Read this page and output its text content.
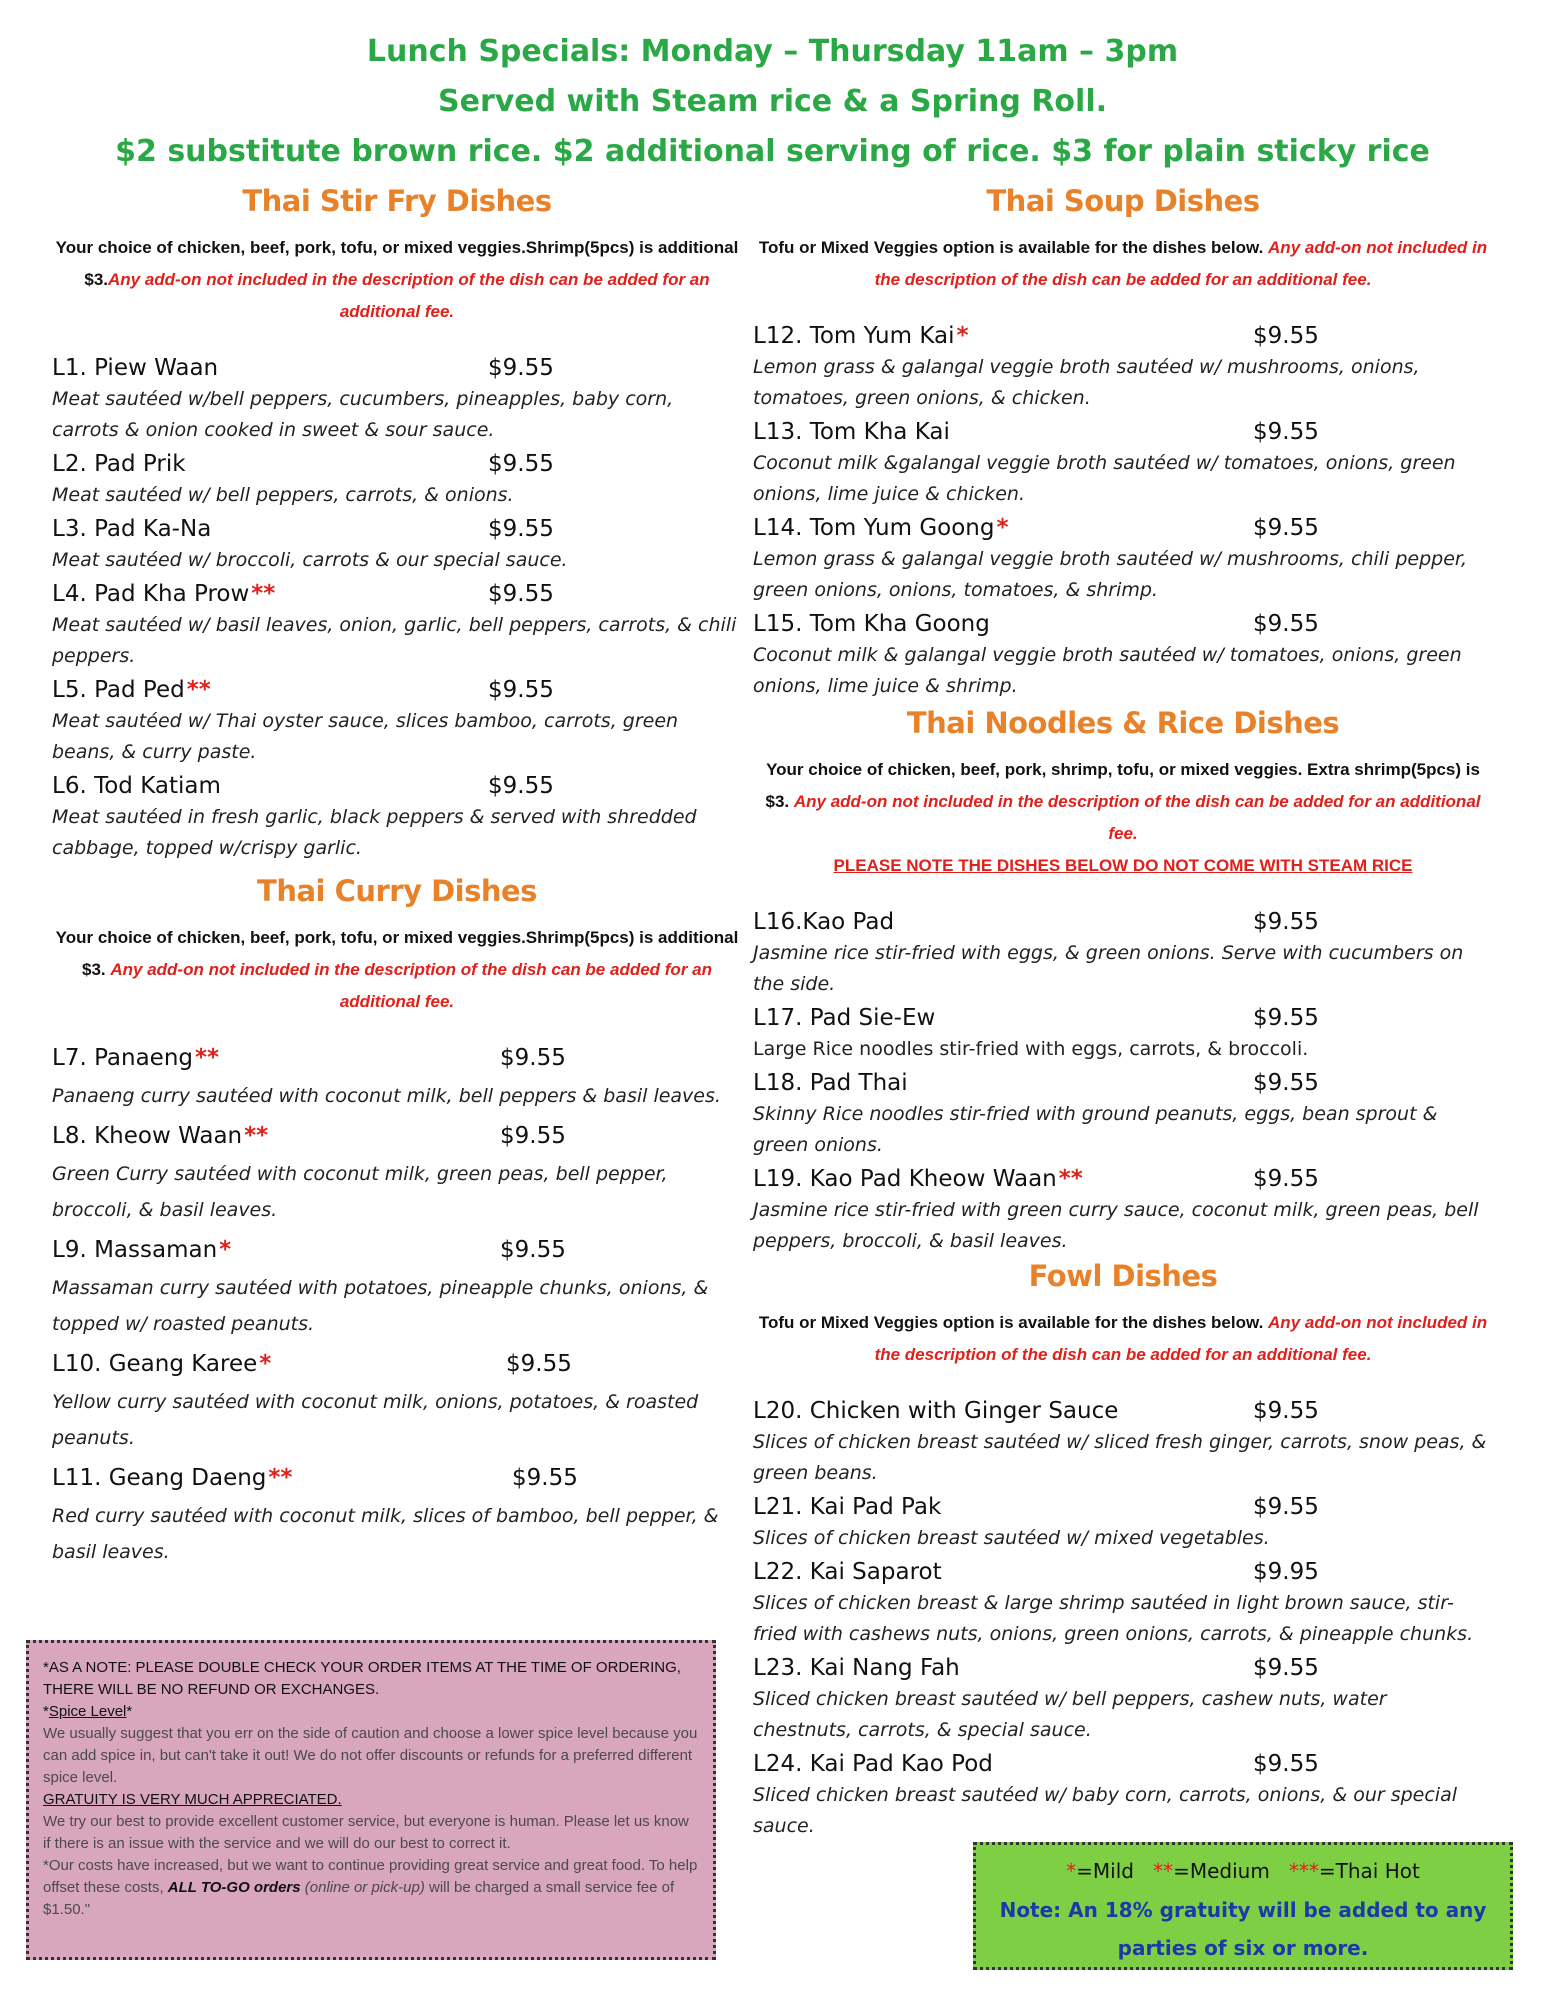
Lunch Specials: Monday – Thursday 11am – 3pm
Served with Steam rice & a Spring Roll.
$2 substitute brown rice. $2 additional serving of rice. $3 for plain sticky rice
Thai Stir Fry Dishes
Your choice of chicken, beef, pork, tofu, or mixed veggies.Shrimp(5pcs) is additional $3.Any add-on not included in the description of the dish can be added for an additional fee.
L1. Piew Waan	$9.55
Meat sautéed w/bell peppers, cucumbers, pineapples, baby corn, carrots & onion cooked in sweet & sour sauce.
L2. Pad Prik	$9.55
Meat sautéed w/ bell peppers, carrots, & onions.
L3. Pad Ka-Na	$9.55
Meat sautéed w/ broccoli, carrots & our special sauce.
L4. Pad Kha Prow **	$9.55
Meat sautéed w/ basil leaves, onion, garlic, bell peppers, carrots, & chili peppers.
L5. Pad Ped **	$9.55
Meat sautéed w/ Thai oyster sauce, slices bamboo, carrots, green beans, & curry paste.
L6. Tod Katiam	$9.55
Meat sautéed in fresh garlic, black peppers & served with shredded cabbage, topped w/crispy garlic.
Thai Curry Dishes
Your choice of chicken, beef, pork, tofu, or mixed veggies.Shrimp(5pcs) is additional $3. Any add-on not included in the description of the dish can be added for an additional fee.
L7. Panaeng **	$9.55
Panaeng curry sautéed with coconut milk, bell peppers & basil leaves.
L8. Kheow Waan **	$9.55
Green Curry sautéed with coconut milk, green peas, bell pepper, broccoli, & basil leaves.
L9. Massaman *	$9.55
Massaman curry sautéed with potatoes, pineapple chunks, onions, & topped w/ roasted peanuts.
L10. Geang Karee *	$9.55
Yellow curry sautéed with coconut milk, onions, potatoes, & roasted peanuts.
L11. Geang Daeng **	$9.55
Red curry sautéed with coconut milk, slices of bamboo, bell pepper, & basil leaves.
Thai Soup Dishes
Tofu or Mixed Veggies option is available for the dishes below. Any add-on not included in the description of the dish can be added for an additional fee.
L12. Tom Yum Kai *	$9.55
Lemon grass & galangal veggie broth sautéed w/ mushrooms, onions, tomatoes, green onions, & chicken.
L13. Tom Kha Kai	$9.55
Coconut milk &galangal veggie broth sautéed w/ tomatoes, onions, green onions, lime juice & chicken.
L14. Tom Yum Goong *	$9.55
Lemon grass & galangal veggie broth sautéed w/ mushrooms, chili pepper, green onions, onions, tomatoes, & shrimp.
L15. Tom Kha Goong	$9.55
Coconut milk & galangal veggie broth sautéed w/ tomatoes, onions, green onions, lime juice & shrimp.
Thai Noodles & Rice Dishes
Your choice of chicken, beef, pork, shrimp, tofu, or mixed veggies. Extra shrimp(5pcs) is $3. Any add-on not included in the description of the dish can be added for an additional fee.
PLEASE NOTE THE DISHES BELOW DO NOT COME WITH STEAM RICE
L16.Kao Pad	$9.55
Jasmine rice stir-fried with eggs, & green onions. Serve with cucumbers on the side.
L17. Pad Sie-Ew	$9.55
Large Rice noodles stir-fried with eggs, carrots, & broccoli.
L18. Pad Thai	$9.55
Skinny Rice noodles stir-fried with ground peanuts, eggs, bean sprout & green onions.
L19. Kao Pad Kheow Waan **	$9.55
Jasmine rice stir-fried with green curry sauce, coconut milk, green peas, bell peppers, broccoli, & basil leaves.
Fowl Dishes
Tofu or Mixed Veggies option is available for the dishes below. Any add-on not included in the description of the dish can be added for an additional fee.
L20. Chicken with Ginger Sauce	$9.55
Slices of chicken breast sautéed w/ sliced fresh ginger, carrots, snow peas, & green beans.
L21. Kai Pad Pak	$9.55
Slices of chicken breast sautéed w/ mixed vegetables.
L22. Kai Saparot	$9.95
Slices of chicken breast & large shrimp sautéed in light brown sauce, stir-fried with cashews nuts, onions, green onions, carrots, & pineapple chunks.
L23. Kai Nang Fah	$9.55
Sliced chicken breast sautéed w/ bell peppers, cashew nuts, water chestnuts, carrots, & special sauce.
L24. Kai Pad Kao Pod	$9.55
Sliced chicken breast sautéed w/ baby corn, carrots, onions, & our special sauce.
*AS A NOTE: PLEASE DOUBLE CHECK YOUR ORDER ITEMS AT THE TIME OF ORDERING, THERE WILL BE NO REFUND OR EXCHANGES.
*Spice Level*
We usually suggest that you err on the side of caution and choose a lower spice level because you can add spice in, but can't take it out! We do not offer discounts or refunds for a preferred different spice level.
GRATUITY IS VERY MUCH APPRECIATED.
We try our best to provide excellent customer service, but everyone is human. Please let us know if there is an issue with the service and we will do our best to correct it.
*Our costs have increased, but we want to continue providing great service and great food. To help offset these costs, ALL TO-GO orders (online or pick-up) will be charged a small service fee of $1.50."
*=Mild **=Medium ***=Thai Hot
Note: An 18% gratuity will be added to any parties of six or more.
